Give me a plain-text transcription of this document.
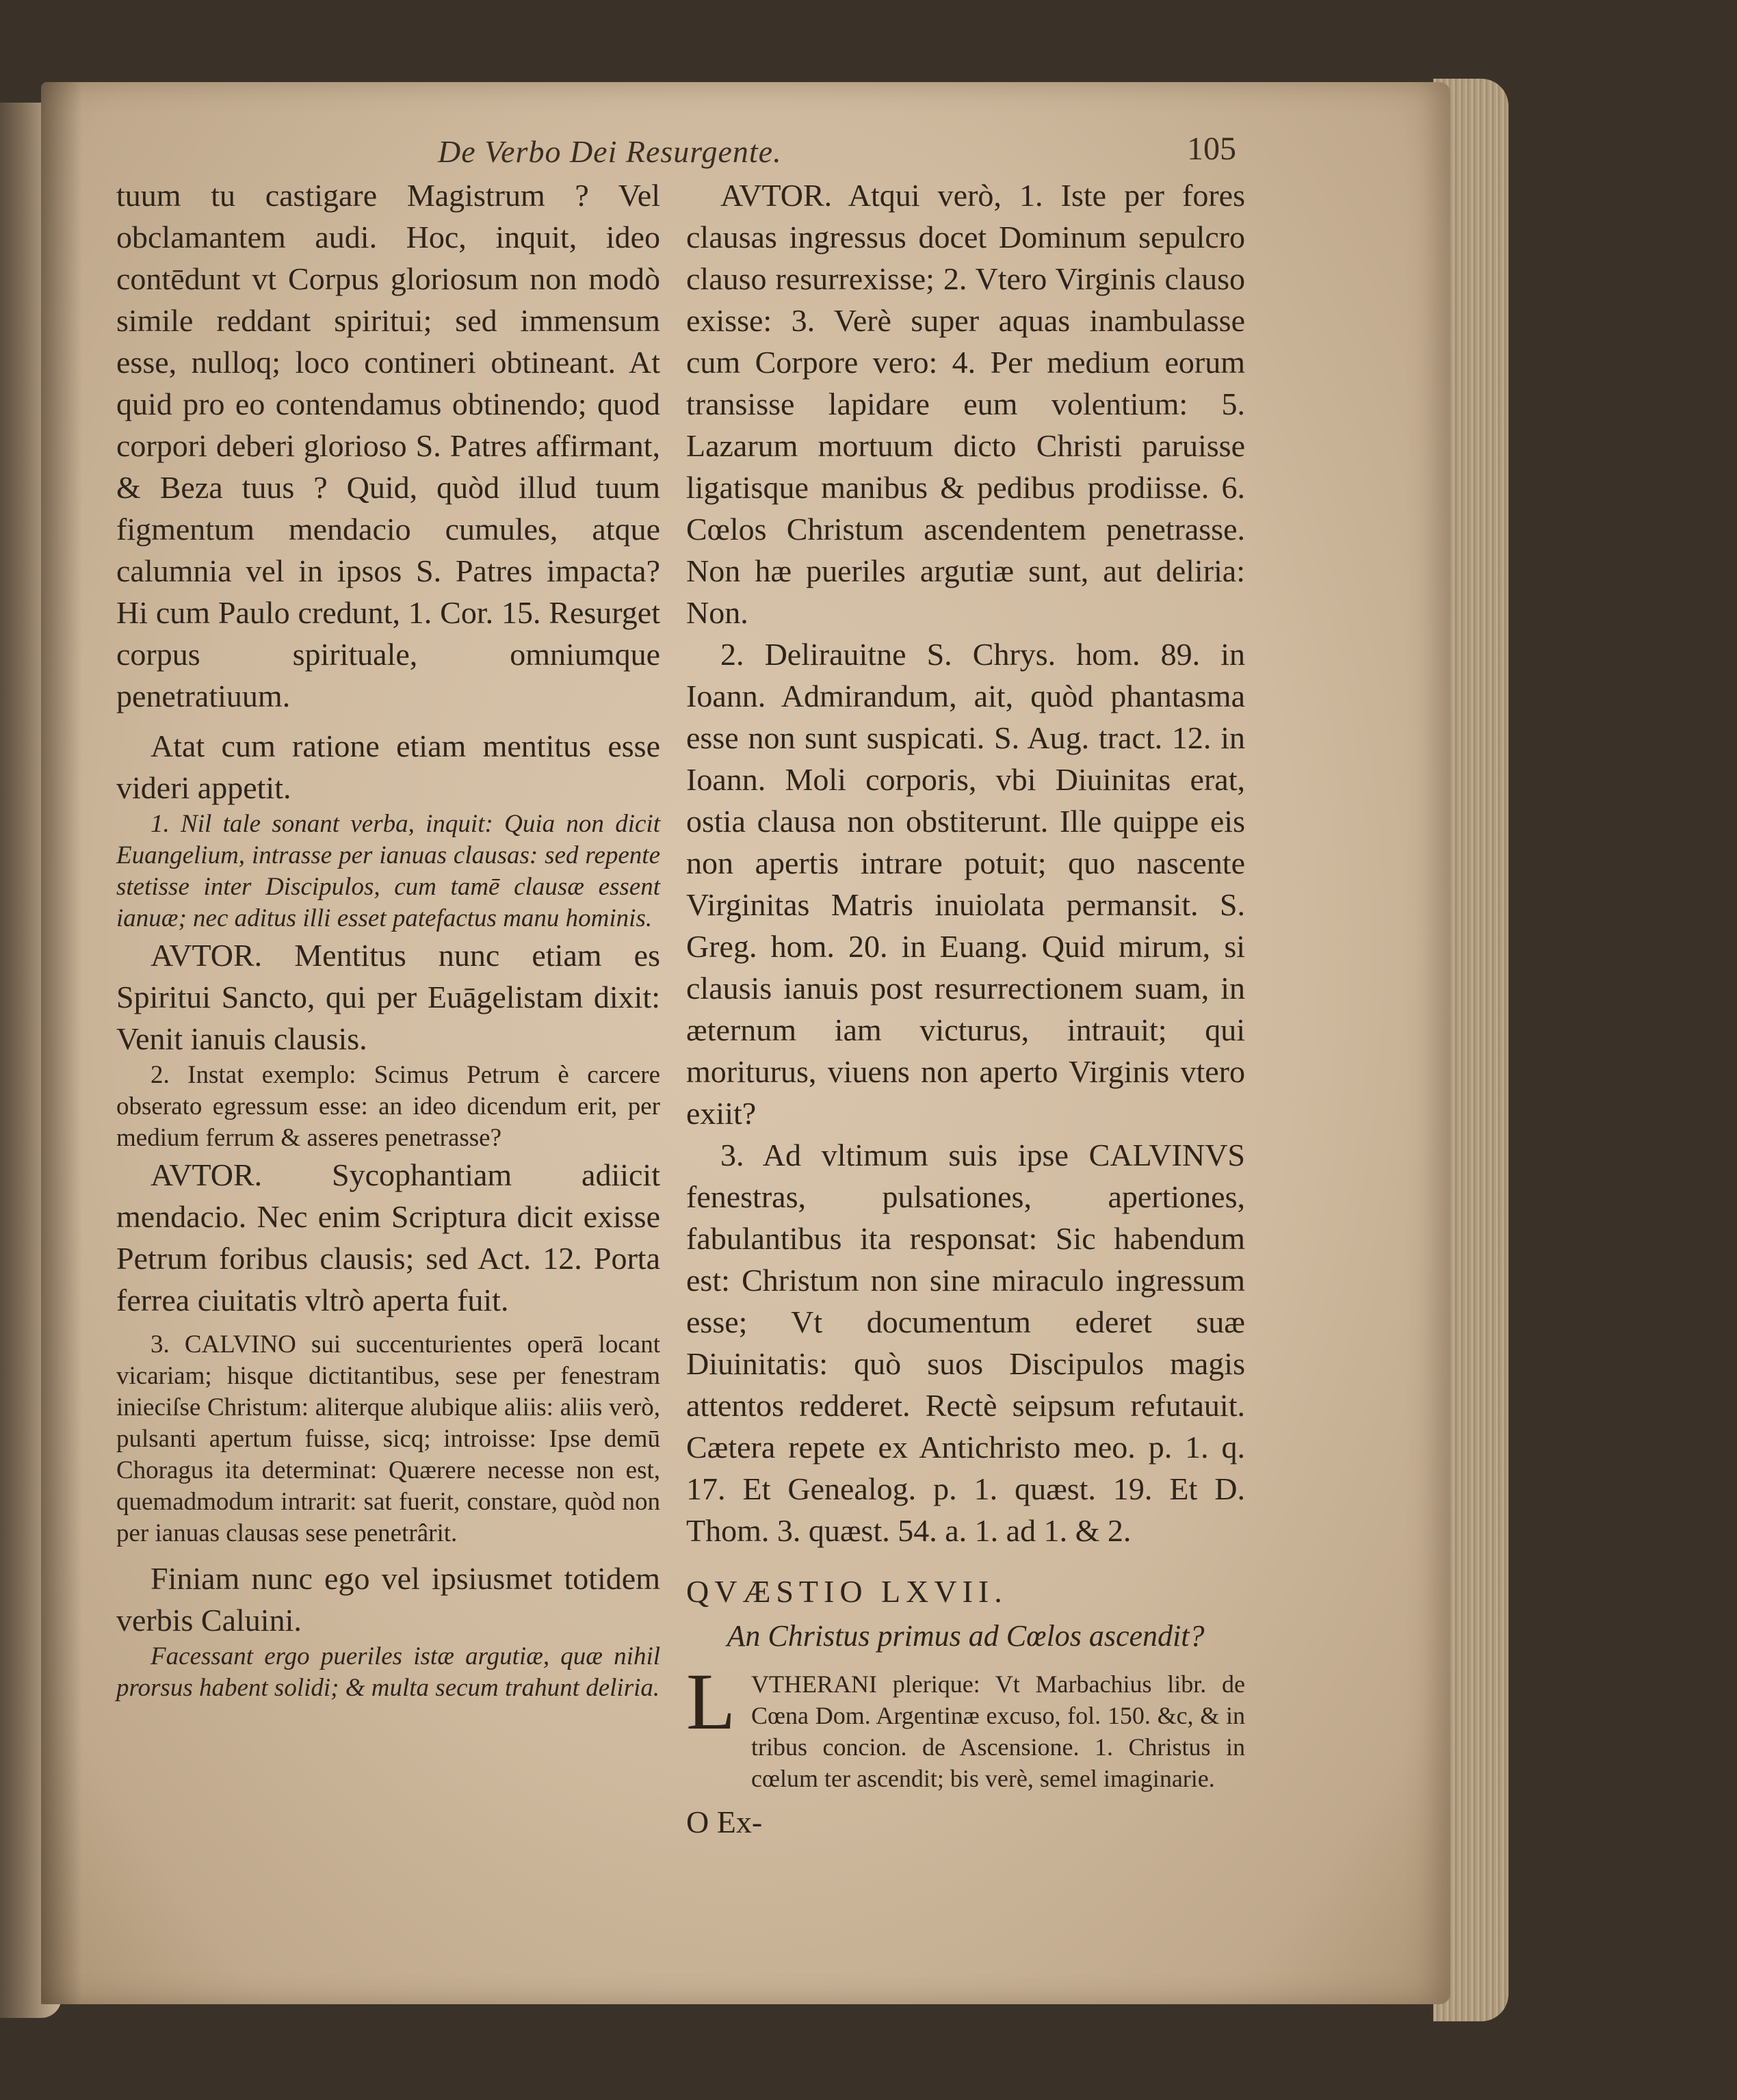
De Verbo Dei Resurgente.	105

tuum tu castigare Magistrum ? Vel obclamantem audi. Hoc, inquit, ideo contēdunt vt Corpus gloriosum non modò simile reddant spiritui; sed immensum esse, nulloq; loco contineri obtineant. At quid pro eo contendamus obtinendo; quod corpori deberi glorioso S. Patres affirmant, & Beza tuus ? Quid, quòd illud tuum figmentum mendacio cumules, atque calumnia vel in ipsos S. Patres impacta? Hi cum Paulo credunt, 1. Cor. 15. Resurget corpus spirituale, omniumque penetratiuum.

Atat cum ratione etiam mentitus esse videri appetit.

1. Nil tale sonant verba, inquit: Quia non dicit Euangelium, intrasse per ianuas clausas: sed repente stetisse inter Discipulos, cum tamē clausæ essent ianuæ; nec aditus illi esset patefactus manu hominis.

AVTOR. Mentitus nunc etiam es Spiritui Sancto, qui per Euāgelistam dixit: Venit ianuis clausis.

2. Instat exemplo: Scimus Petrum è carcere obserato egressum esse: an ideo dicendum erit, per medium ferrum & asseres penetrasse?

AVTOR. Sycophantiam adiicit mendacio. Nec enim Scriptura dicit exisse Petrum foribus clausis; sed Act. 12. Porta ferrea ciuitatis vltrò aperta fuit.

3. CALVINO sui succenturientes operā locant vicariam; hisque dictitantibus, sese per fenestram inieciſse Christum: aliterque alubique aliis: aliis verò, pulsanti apertum fuisse, sicq; introisse: Ipse demū Choragus ita determinat: Quærere necesse non est, quemadmodum intrarit: sat fuerit, constare, quòd non per ianuas clausas sese penetrârit.

Finiam nunc ego vel ipsiusmet totidem verbis Caluini.

Facessant ergo pueriles istæ argutiæ, quæ nihil prorsus habent solidi; & multa secum trahunt deliria.

AVTOR. Atqui verò, 1. Iste per fores clausas ingressus docet Dominum sepulcro clauso resurrexisse; 2. Vtero Virginis clauso exisse: 3. Verè super aquas inambulasse cum Corpore vero: 4. Per medium eorum transisse lapidare eum volentium: 5. Lazarum mortuum dicto Christi paruisse ligatisque manibus & pedibus prodiisse. 6. Cœlos Christum ascendentem penetrasse. Non hæ pueriles argutiæ sunt, aut deliria: Non.

2. Delirauitne S. Chrys. hom. 89. in Ioann. Admirandum, ait, quòd phantasma esse non sunt suspicati. S. Aug. tract. 12. in Ioann. Moli corporis, vbi Diuinitas erat, ostia clausa non obstiterunt. Ille quippe eis non apertis intrare potuit; quo nascente Virginitas Matris inuiolata permansit. S. Greg. hom. 20. in Euang. Quid mirum, si clausis ianuis post resurrectionem suam, in æternum iam victurus, intrauit; qui moriturus, viuens non aperto Virginis vtero exiit?

3. Ad vltimum suis ipse CALVINVS fenestras, pulsationes, apertiones, fabulantibus ita responsat: Sic habendum est: Christum non sine miraculo ingressum esse; Vt documentum ederet suæ Diuinitatis: quò suos Discipulos magis attentos redderet. Rectè seipsum refutauit. Cætera repete ex Antichristo meo. p. 1. q. 17. Et Genealog. p. 1. quæst. 19. Et D. Thom. 3. quæst. 54. a. 1. ad 1. & 2.

QVÆSTIO LXVII.

An Christus primus ad Cœlos ascendit?

L VTHERANI plerique: Vt Marbachius libr. de Cœna Dom. Argentinæ excuso, fol. 150. &c, & in tribus concion. de Ascensione. 1. Christus in cœlum ter ascendit; bis verè, semel imaginarie.

O Ex-
